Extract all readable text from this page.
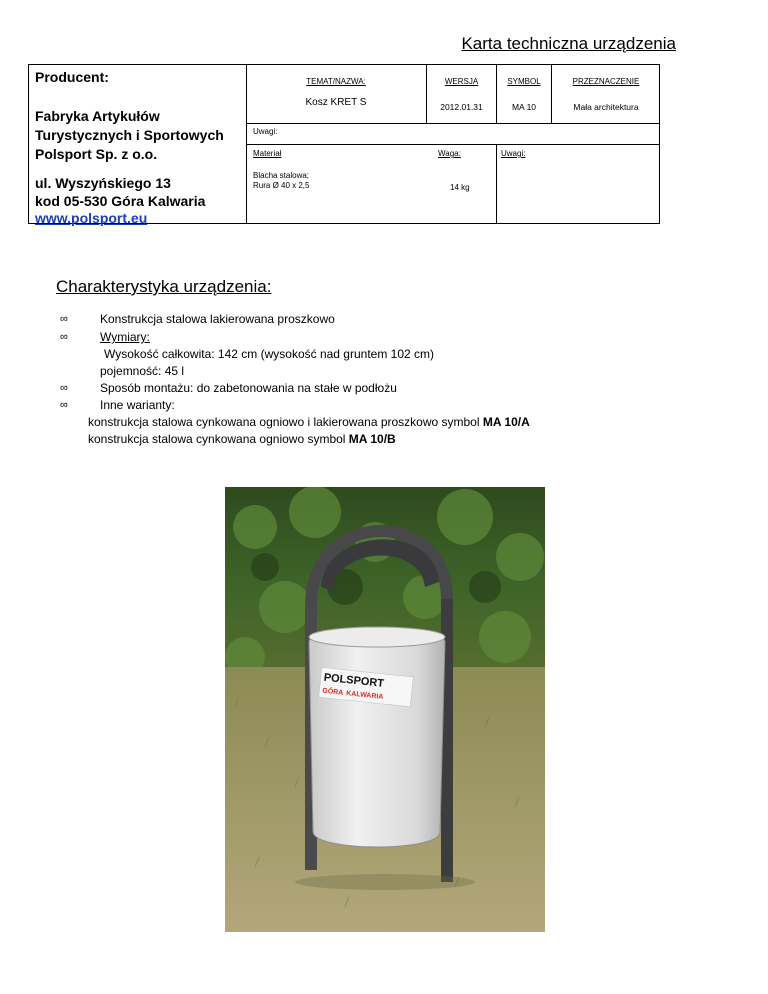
Karta techniczna urządzenia
Producent:
Fabryka Artykułów
Turystycznych i Sportowych
Polsport Sp. z o.o.
ul. Wyszyńskiego 13
kod 05-530 Góra Kalwaria
www.polsport.eu
TEMAT/NAZWA:	WERSJA	SYMBOL	PRZEZNACZENIE
Kosz KRET S	2012.01.31	MA 10	Mała architektura
Uwagi:
Materiał	Waga:	Uwagi:
Blacha stalowa;
Rura Ø 40 x 2,5	14 kg
Charakterystyka urządzenia:
∞	Konstrukcja stalowa lakierowana proszkowo
∞	Wymiary:
Wysokość całkowita: 142 cm (wysokość nad gruntem 102 cm)
pojemność: 45 l
∞	Sposób montażu: do zabetonowania na stałe w podłożu
∞	Inne warianty:
konstrukcja stalowa cynkowana ogniowo i lakierowana proszkowo symbol MA 10/A
konstrukcja stalowa cynkowana ogniowo symbol MA 10/B
POLSPORT
GÓRA KALWARIA
